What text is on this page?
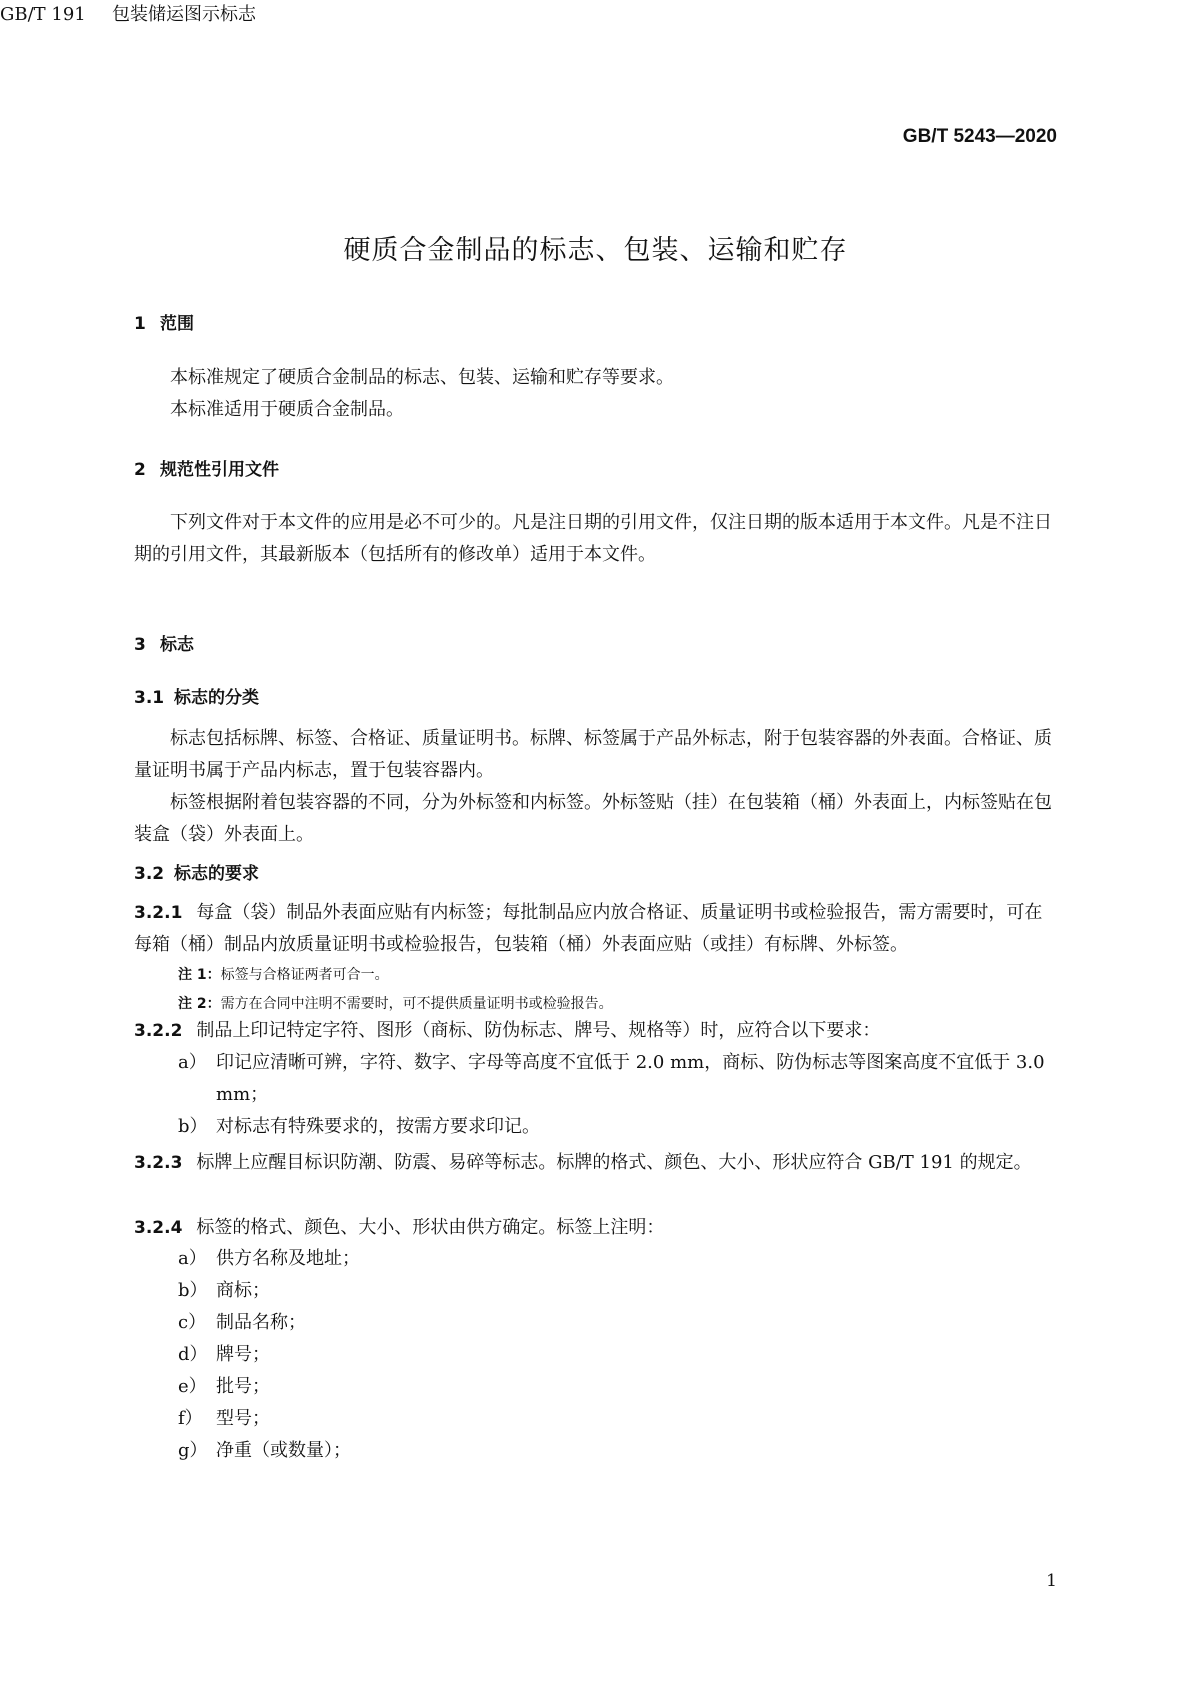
GB/T 5243—2020
硬质合金制品的标志、包装、运输和贮存
1 范围

本标准规定了硬质合金制品的标志、包装、运输和贮存等要求。

本标准适用于硬质合金制品。

2 规范性引用文件

下列文件对于本文件的应用是必不可少的。凡是注日期的引用文件，仅注日期的版本适用于本文件。凡是不注日期的引用文件，其最新版本（包括所有的修改单）适用于本文件。

GB/T 191 包装储运图示标志
3 标志
3.1 标志的分类

标志包括标牌、标签、合格证、质量证明书。标牌、标签属于产品外标志，附于包装容器的外表面。合格证、质量证明书属于产品内标志，置于包装容器内。

标签根据附着包装容器的不同，分为外标签和内标签。外标签贴（挂）在包装箱（桶）外表面上，内标签贴在包装盒（袋）外表面上。

3.2 标志的要求
3.2.1 每盒（袋）制品外表面应贴有内标签；每批制品应内放合格证、质量证明书或检验报告，需方需要时，可在每箱（桶）制品内放质量证明书或检验报告，包装箱（桶）外表面应贴（或挂）有标牌、外标签。
注 1：标签与合格证两者可合一。
注 2：需方在合同中注明不需要时，可不提供质量证明书或检验报告。
3.2.2 制品上印记特定字符、图形（商标、防伪标志、牌号、规格等）时，应符合以下要求：
a） 印记应清晰可辨，字符、数字、字母等高度不宜低于 2.0 mm，商标、防伪标志等图案高度不宜低于 3.0 mm；
b） 对标志有特殊要求的，按需方要求印记。
3.2.3 标牌上应醒目标识防潮、防震、易碎等标志。标牌的格式、颜色、大小、形状应符合 GB/T 191 的规定。
3.2.4 标签的格式、颜色、大小、形状由供方确定。标签上注明：
a） 供方名称及地址；
b） 商标；
c） 制品名称；
d） 牌号；
e） 批号；
f） 型号；
g） 净重（或数量）；
1
